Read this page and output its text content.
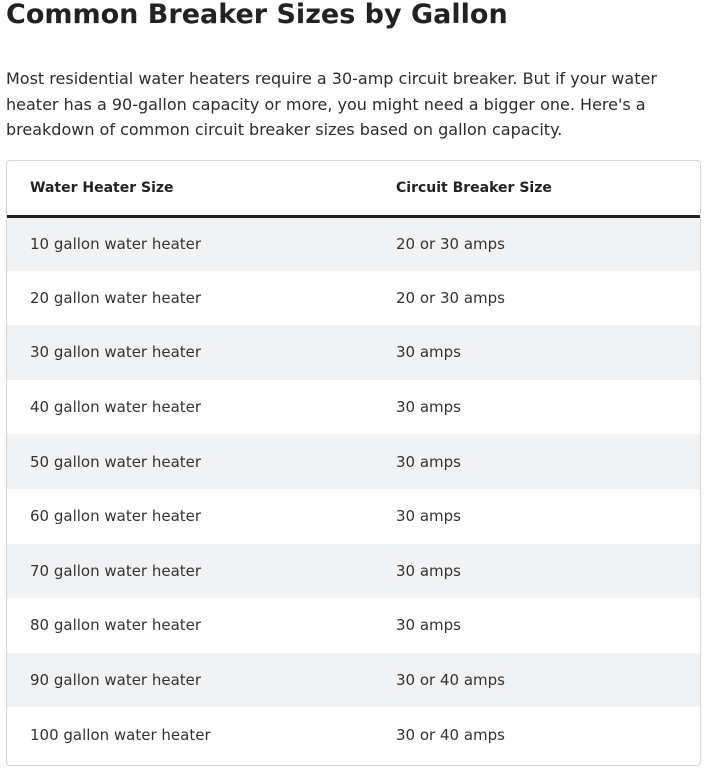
Common Breaker Sizes by Gallon

Most residential water heaters require a 30-amp circuit breaker. But if your water heater has a 90-gallon capacity or more, you might need a bigger one. Here's a breakdown of common circuit breaker sizes based on gallon capacity.

Water Heater Size	Circuit Breaker Size
10 gallon water heater	20 or 30 amps
20 gallon water heater	20 or 30 amps
30 gallon water heater	30 amps
40 gallon water heater	30 amps
50 gallon water heater	30 amps
60 gallon water heater	30 amps
70 gallon water heater	30 amps
80 gallon water heater	30 amps
90 gallon water heater	30 or 40 amps
100 gallon water heater	30 or 40 amps
